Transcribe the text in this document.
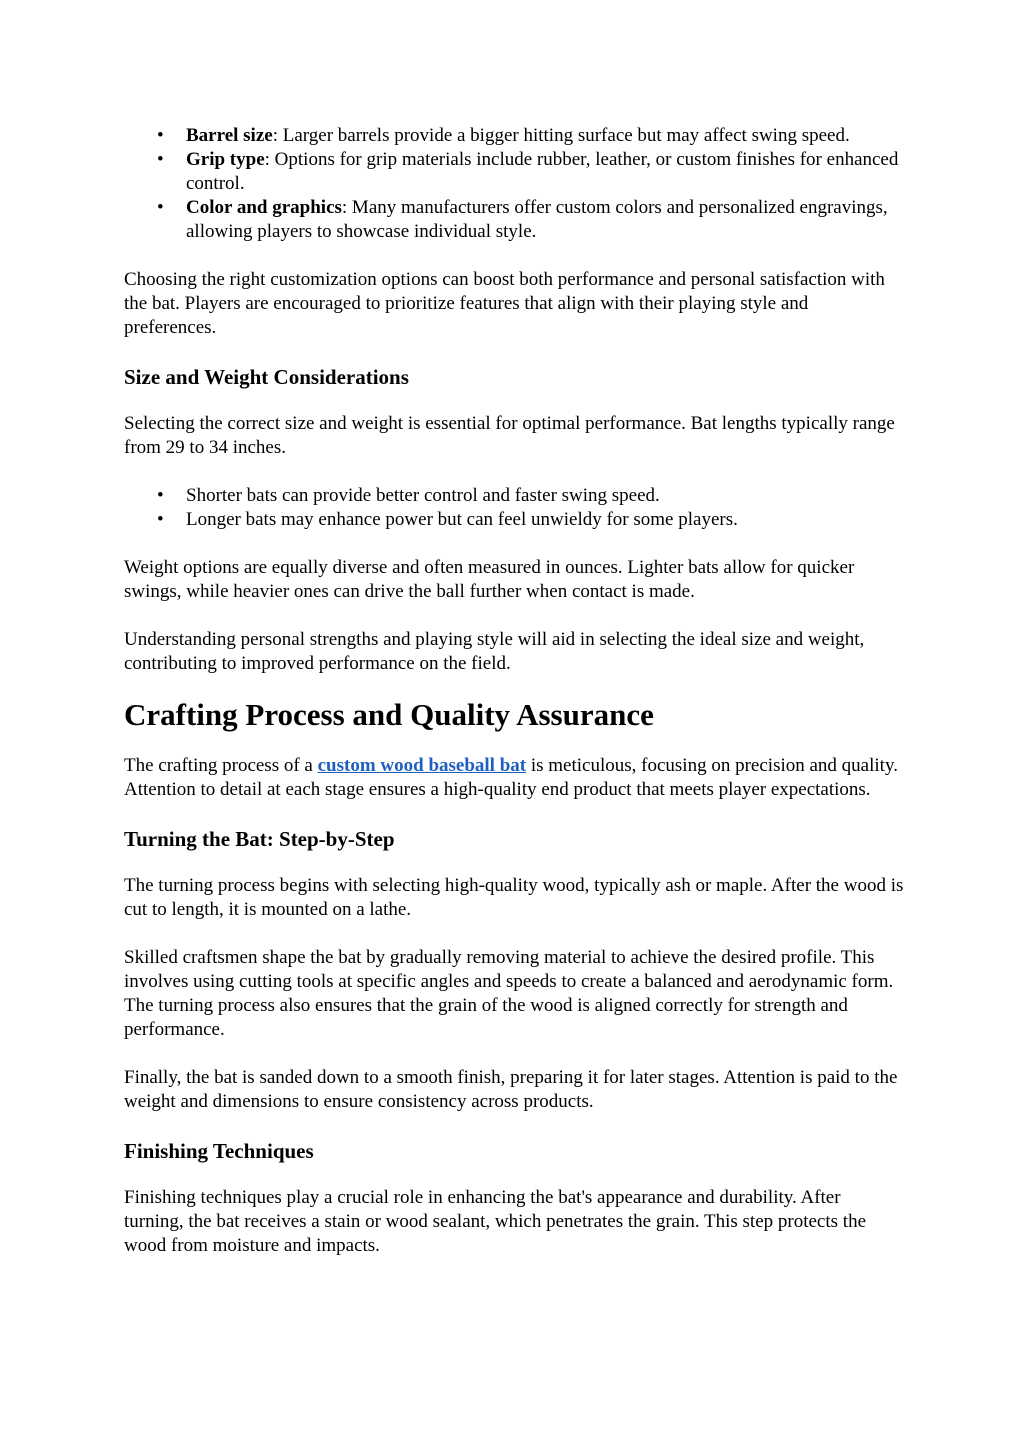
• Barrel size: Larger barrels provide a bigger hitting surface but may affect swing speed.
• Grip type: Options for grip materials include rubber, leather, or custom finishes for enhanced control.
• Color and graphics: Many manufacturers offer custom colors and personalized engravings, allowing players to showcase individual style.

Choosing the right customization options can boost both performance and personal satisfaction with the bat. Players are encouraged to prioritize features that align with their playing style and preferences.

Size and Weight Considerations

Selecting the correct size and weight is essential for optimal performance. Bat lengths typically range from 29 to 34 inches.

• Shorter bats can provide better control and faster swing speed.
• Longer bats may enhance power but can feel unwieldy for some players.

Weight options are equally diverse and often measured in ounces. Lighter bats allow for quicker swings, while heavier ones can drive the ball further when contact is made.

Understanding personal strengths and playing style will aid in selecting the ideal size and weight, contributing to improved performance on the field.

Crafting Process and Quality Assurance

The crafting process of a custom wood baseball bat is meticulous, focusing on precision and quality. Attention to detail at each stage ensures a high-quality end product that meets player expectations.

Turning the Bat: Step-by-Step

The turning process begins with selecting high-quality wood, typically ash or maple. After the wood is cut to length, it is mounted on a lathe.

Skilled craftsmen shape the bat by gradually removing material to achieve the desired profile. This involves using cutting tools at specific angles and speeds to create a balanced and aerodynamic form. The turning process also ensures that the grain of the wood is aligned correctly for strength and performance.

Finally, the bat is sanded down to a smooth finish, preparing it for later stages. Attention is paid to the weight and dimensions to ensure consistency across products.

Finishing Techniques

Finishing techniques play a crucial role in enhancing the bat's appearance and durability. After turning, the bat receives a stain or wood sealant, which penetrates the grain. This step protects the wood from moisture and impacts.
